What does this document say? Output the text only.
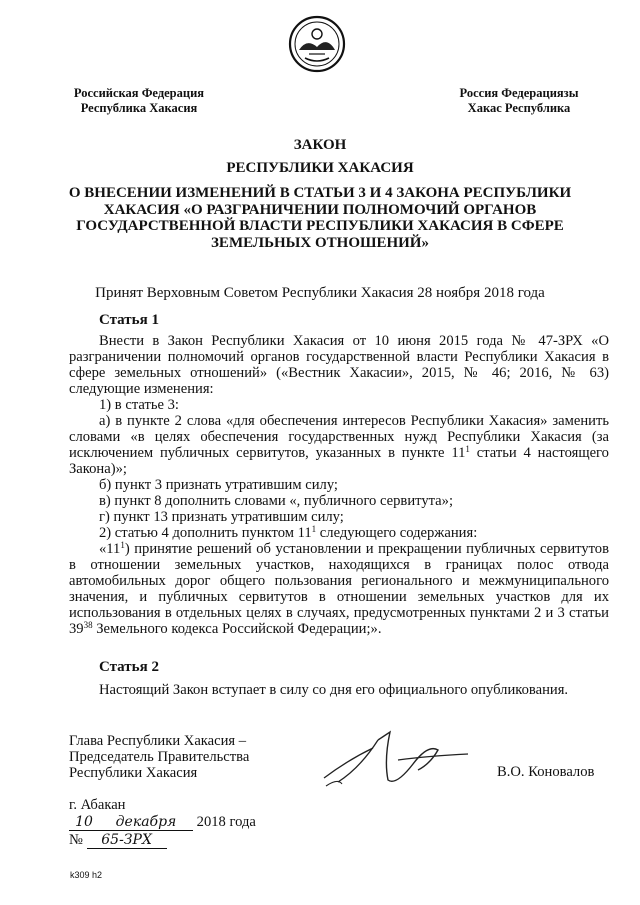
Российская Федерация
Республика Хакасия
Россия Федерациязы
Хакас Республика
ЗАКОН
РЕСПУБЛИКИ ХАКАСИЯ
О ВНЕСЕНИИ ИЗМЕНЕНИЙ В СТАТЬИ 3 И 4 ЗАКОНА РЕСПУБЛИКИ ХАКАСИЯ «О РАЗГРАНИЧЕНИИ ПОЛНОМОЧИЙ ОРГАНОВ ГОСУДАРСТВЕННОЙ ВЛАСТИ РЕСПУБЛИКИ ХАКАСИЯ В СФЕРЕ ЗЕМЕЛЬНЫХ ОТНОШЕНИЙ»
Принят Верховным Советом Республики Хакасия 28 ноября 2018 года
Статья 1

Внести в Закон Республики Хакасия от 10 июня 2015 года № 47-ЗРХ «О разграничении полномочий органов государственной власти Республики Хакасия в сфере земельных отношений» («Вестник Хакасии», 2015, № 46; 2016, № 63) следующие изменения:

1) в статье 3:

а) в пункте 2 слова «для обеспечения интересов Республики Хакасия» заменить словами «в целях обеспечения государственных нужд Республики Хакасия (за исключением публичных сервитутов, указанных в пункте $11^1$ статьи 4 настоящего Закона)»;

б) пункт 3 признать утратившим силу;

в) пункт 8 дополнить словами «, публичного сервитута»;

г) пункт 13 признать утратившим силу;

2) статью 4 дополнить пунктом $11^1$ следующего содержания:

«$11^1$) принятие решений об установлении и прекращении публичных сервитутов в отношении земельных участков, находящихся в границах полос отвода автомобильных дорог общего пользования регионального и межмуниципального значения, и публичных сервитутов в отношении земельных участков для их использования в отдельных целях в случаях, предусмотренных пунктами 2 и 3 статьи $39^{38}$ Земельного кодекса Российской Федерации;».

Статья 2
Настоящий Закон вступает в силу со дня его официального опубликования.
Глава Республики Хакасия –
Председатель Правительства
Республики Хакасия	В.О. Коновалов
г. Абакан
10 декабря 2018 года
№ 65-ЗРХ
k309 h2
